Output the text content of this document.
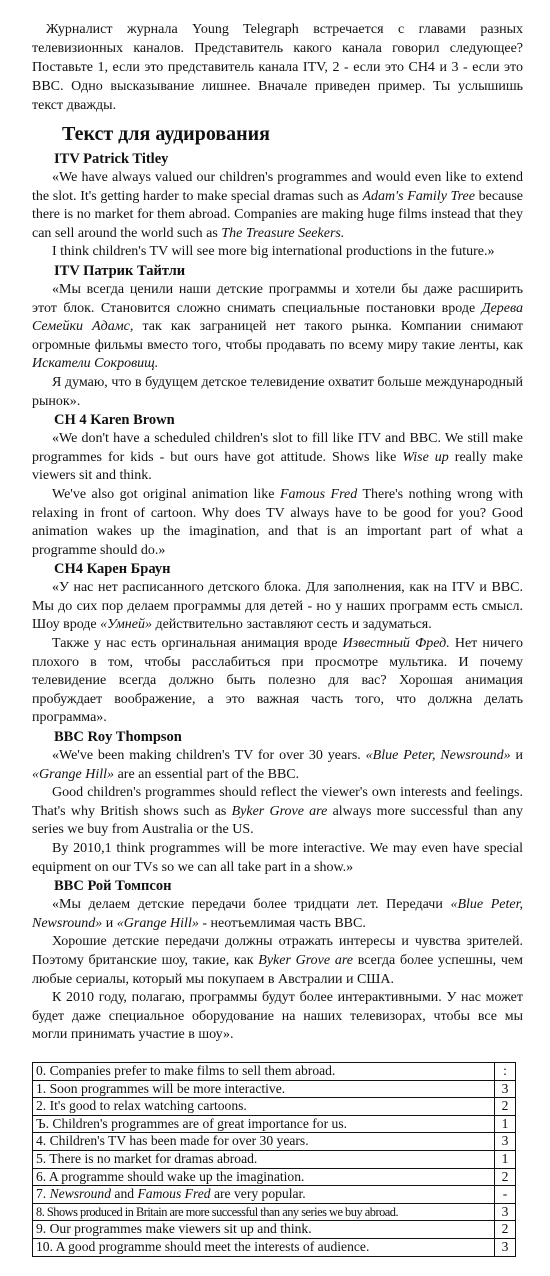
Журналист журнала Young Telegraph встречается с главами разных телевизионных каналов. Представитель какого канала говорил следующее? Поставьте 1, если это представитель канала ITV, 2 - если это СН4 и 3 - если это ВВС. Одно высказывание лишнее. Вначале приведен пример. Ты услышишь текст дважды.

Текст для аудирования
ITV Patrick Titley

«We have always valued our children's programmes and would even like to extend the slot. It's getting harder to make special dramas such as Adam's Family Tree because there is no market for them abroad. Companies are making huge films instead that they can sell around the world such as The Treasure Seekers.

I think children's TV will see more big international productions in the future.»

ITV Патрик Тайтли

«Мы всегда ценили наши детские программы и хотели бы даже расширить этот блок. Становится сложно снимать специальные постановки вроде Дерева Семейки Адамс, так как заграницей нет такого рынка. Компании снимают огромные фильмы вместо того, чтобы продавать по всему миру такие ленты, как Искатели Сокровищ.

Я думаю, что в будущем детское телевидение охватит больше международный рынок».

CH 4 Karen Brown

«We don't have a scheduled children's slot to fill like ITV and BBC. We still make programmes for kids - but ours have got attitude. Shows like Wise up really make viewers sit and think.

We've also got original animation like Famous Fred There's nothing wrong with relaxing in front of cartoon. Why does TV always have to be good for you? Good animation wakes up the imagination, and that is an important part of what a programme should do.»

СН4 Карен Браун

«У нас нет расписанного детского блока. Для заполнения, как на ITV и ВВС. Мы до сих пор делаем программы для детей - но у наших программ есть смысл. Шоу вроде «Умней» действительно заставляют сесть и задуматься.

Также у нас есть оргинальная анимация вроде Известный Фред. Нет ничего плохого в том, чтобы расслабиться при просмотре мультика. И почему телевидение всегда должно быть полезно для вас? Хорошая анимация пробуждает воображение, а это важная часть того, что должна делать программа».

BBC Roy Thompson

«We've been making children's TV for over 30 years. «Blue Peter, Newsround» и «Grange Hill» are an essential part of the BBC.

Good children's programmes should reflect the viewer's own interests and feelings. That's why British shows such as Byker Grove are always more successful than any series we buy from Australia or the US.

By 2010,1 think programmes will be more interactive. We may even have special equipment on our TVs so we can all take part in a show.»

ВВС Рой Томпсон

«Мы делаем детские передачи более тридцати лет. Передачи «Blue Peter, Newsround» и «Grange Hill» - неотъемлимая часть ВВС.

Хорошие детские передачи должны отражать интересы и чувства зрителей. Поэтому британские шоу, такие, как Byker Grove are всегда более успешны, чем любые сериалы, который мы покупаем в Австралии и США.

К 2010 году, полагаю, программы будут более интерактивными. У нас может будет даже специальное оборудование на наших телевизорах, чтобы все мы могли принимать участие в шоу».

0. Companies prefer to make films to sell them abroad.	:
1. Soon programmes will be more interactive.	3
2. It's good to relax watching cartoons.	2
Ъ. Children's programmes are of great importance for us.	1
4. Children's TV has been made for over 30 years.	3
5. There is no market for dramas abroad.	1
6. A programme should wake up the imagination.	2
7. Newsround and Famous Fred are very popular.	-
8. Shows produced in Britain are more successful than any series we buy abroad.	3
9. Our programmes make viewers sit up and think.	2
10. A good programme should meet the interests of audience.	3
